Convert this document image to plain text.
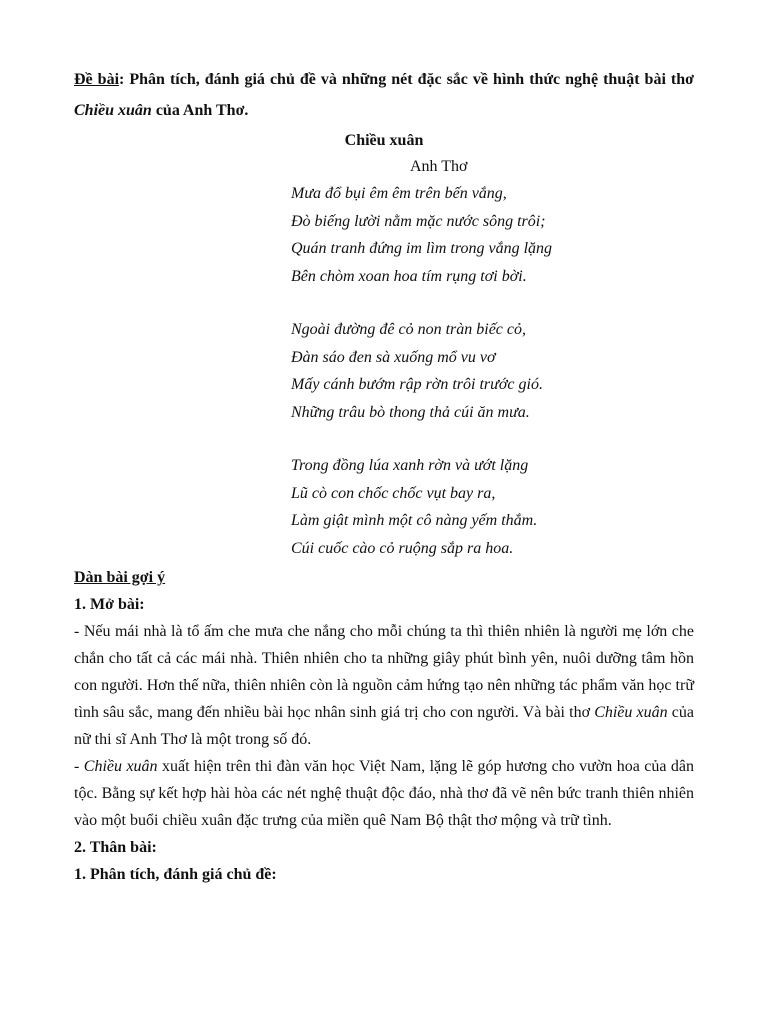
Đề bài: Phân tích, đánh giá chủ đề và những nét đặc sắc về hình thức nghệ thuật bài thơ Chiều xuân của Anh Thơ.
Chiều xuân
Anh Thơ
Mưa đổ bụi êm êm trên bến vắng,
Đò biếng lười nằm mặc nước sông trôi;
Quán tranh đứng im lìm trong vắng lặng
Bên chòm xoan hoa tím rụng tơi bời.
Ngoài đường đê cỏ non tràn biếc cỏ,
Đàn sáo đen sà xuống mổ vu vơ
Mấy cánh bướm rập rờn trôi trước gió.
Những trâu bò thong thả cúi ăn mưa.
Trong đồng lúa xanh rờn và ướt lặng
Lũ cò con chốc chốc vụt bay ra,
Làm giật mình một cô nàng yếm thắm.
Cúi cuốc cào cỏ ruộng sắp ra hoa.
Dàn bài gợi ý
1. Mở bài:
- Nếu mái nhà là tổ ấm che mưa che nắng cho mỗi chúng ta thì thiên nhiên là người mẹ lớn che chắn cho tất cả các mái nhà. Thiên nhiên cho ta những giây phút bình yên, nuôi dưỡng tâm hồn con người. Hơn thế nữa, thiên nhiên còn là nguồn cảm hứng tạo nên những tác phẩm văn học trữ tình sâu sắc, mang đến nhiều bài học nhân sinh giá trị cho con người. Và bài thơ Chiều xuân của nữ thi sĩ Anh Thơ là một trong số đó.
- Chiều xuân xuất hiện trên thi đàn văn học Việt Nam, lặng lẽ góp hương cho vườn hoa của dân tộc. Bằng sự kết hợp hài hòa các nét nghệ thuật độc đáo, nhà thơ đã vẽ nên bức tranh thiên nhiên vào một buổi chiều xuân đặc trưng của miền quê Nam Bộ thật thơ mộng và trữ tình.
2. Thân bài:
1. Phân tích, đánh giá chủ đề:
